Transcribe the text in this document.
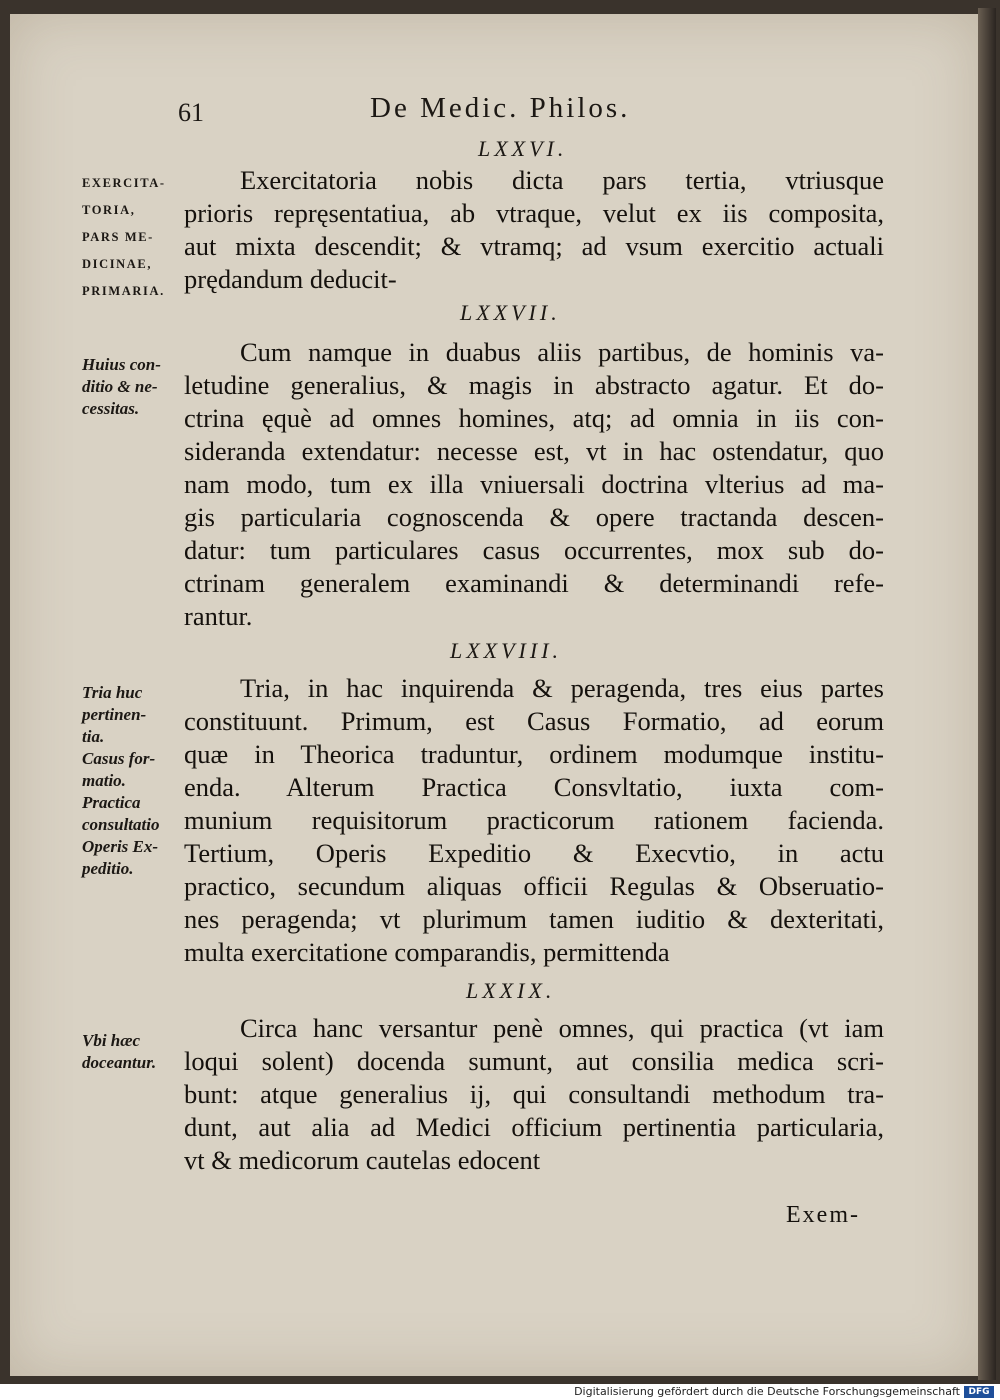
61	De Medic. Philos.
LXXVI.
EXERCITA-
TORIA,
PARS ME-
DICINAE,
PRIMARIA.
Exercitatoria nobis dicta pars tertia, vtriusque
prioris repręsentatiua, ab vtraque, velut ex iis composita,
aut mixta descendit; & vtramq; ad vsum exercitio actuali
prędandum deducit-
LXXVII.
Huius con-
ditio & ne-
cessitas.
Cum namque in duabus aliis partibus, de hominis va-
letudine generalius, & magis in abstracto agatur. Et do-
ctrina ęquè ad omnes homines, atq; ad omnia in iis con-
sideranda extendatur: necesse est, vt in hac ostendatur, quo
nam modo, tum ex illa vniuersali doctrina vlterius ad ma-
gis particularia cognoscenda & opere tractanda descen-
datur: tum particulares casus occurrentes, mox sub do-
ctrinam generalem examinandi & determinandi refe-
rantur.
LXXVIII.
Tria huc
pertinen-
tia.
Casus for-
matio.
Practica
consultatio
Operis Ex-
peditio.
Tria, in hac inquirenda & peragenda, tres eius partes
constituunt. Primum, est Casus Formatio, ad eorum
quæ in Theorica traduntur, ordinem modumque institu-
enda. Alterum Practica Consvltatio, iuxta com-
munium requisitorum practicorum rationem facienda.
Tertium, Operis Expeditio & Execvtio, in actu
practico, secundum aliquas officii Regulas & Obseruatio-
nes peragenda; vt plurimum tamen iuditio & dexteritati,
multa exercitatione comparandis, permittenda
LXXIX.
Vbi hæc
doceantur.
Circa hanc versantur penè omnes, qui practica (vt iam
loqui solent) docenda sumunt, aut consilia medica scri-
bunt: atque generalius ij, qui consultandi methodum tra-
dunt, aut alia ad Medici officium pertinentia particularia,
vt & medicorum cautelas edocent
Exem-
Digitalisierung gefördert durch die Deutsche Forschungsgemeinschaft DFG
